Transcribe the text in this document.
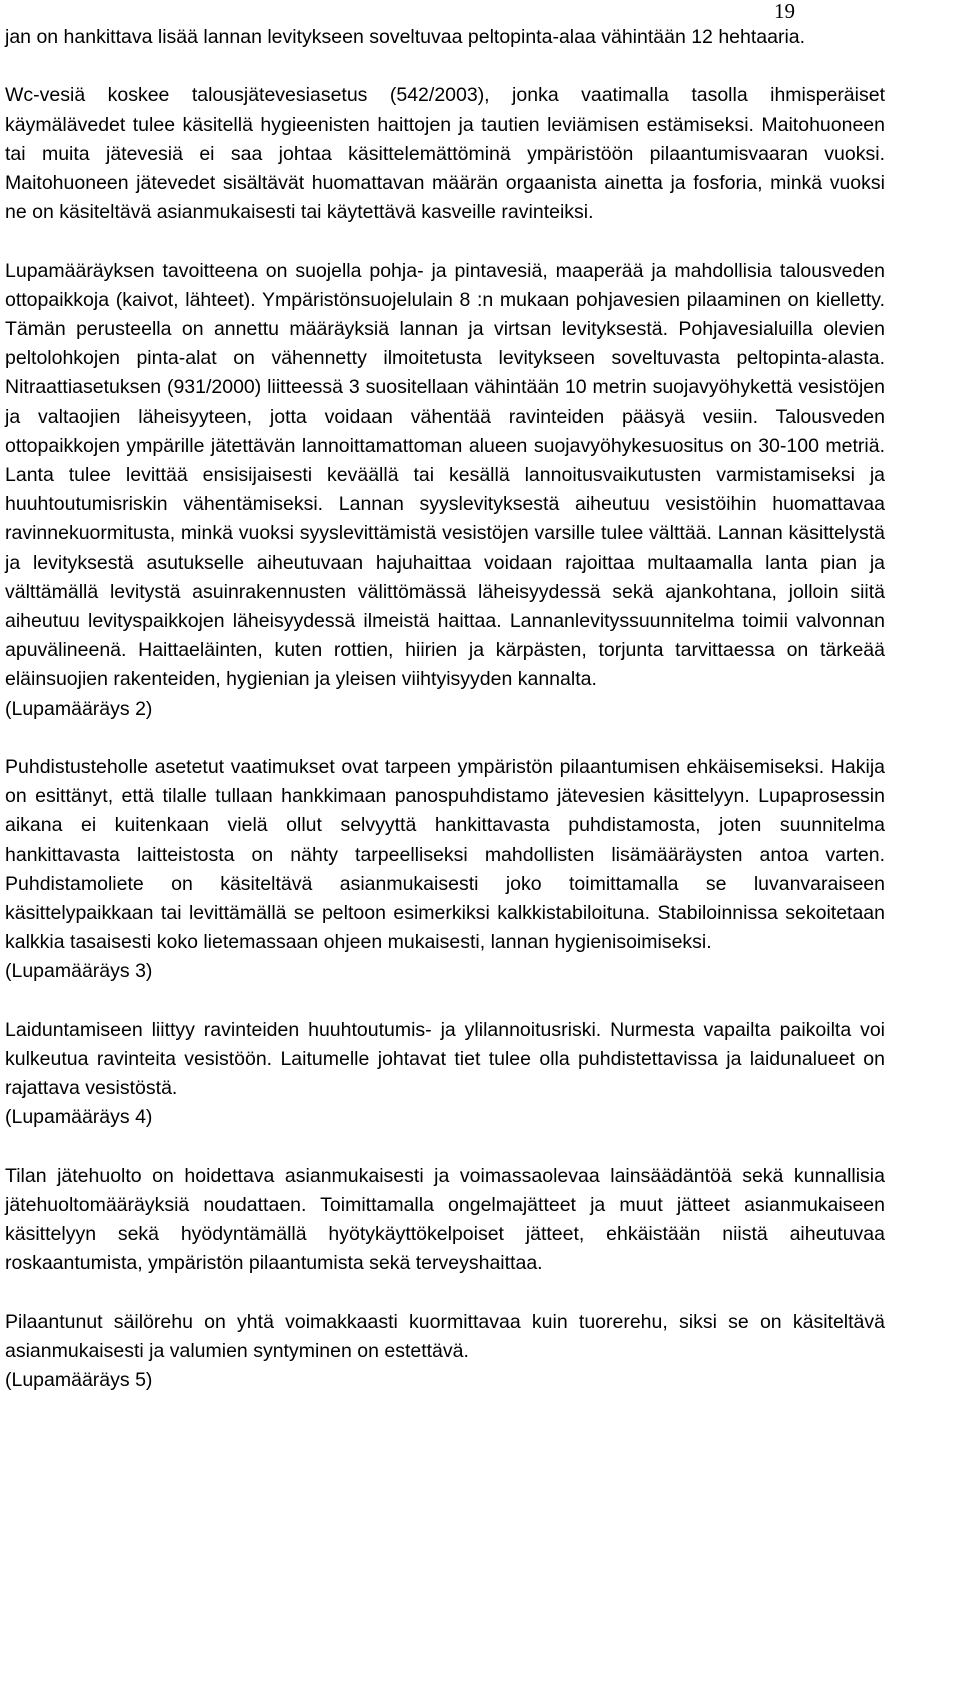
19

jan on hankittava lisää lannan levitykseen soveltuvaa peltopinta-alaa vähintään 12 hehtaaria.

Wc-vesiä koskee talousjätevesiasetus (542/2003), jonka vaatimalla tasolla ihmisperäiset käymälävedet tulee käsitellä hygieenisten haittojen ja tautien leviämisen estämiseksi. Maitohuoneen tai muita jätevesiä ei saa johtaa käsittelemättöminä ympäristöön pilaantumisvaaran vuoksi. Maitohuoneen jätevedet sisältävät huomattavan määrän orgaanista ainetta ja fosforia, minkä vuoksi ne on käsiteltävä asianmukaisesti tai käytettävä kasveille ravinteiksi.

Lupamääräyksen tavoitteena on suojella pohja- ja pintavesiä, maaperää ja mahdollisia talousveden ottopaikkoja (kaivot, lähteet). Ympäristönsuojelulain 8 :n mukaan pohjavesien pilaaminen on kielletty. Tämän perusteella on annettu määräyksiä lannan ja virtsan levityksestä. Pohjavesialuilla olevien peltolohkojen pinta-alat on vähennetty ilmoitetusta levitykseen soveltuvasta peltopinta-alasta. Nitraattiasetuksen (931/2000) liitteessä 3 suositellaan vähintään 10 metrin suojavyöhykettä vesistöjen ja valtaojien läheisyyteen, jotta voidaan vähentää ravinteiden pääsyä vesiin. Talousveden ottopaikkojen ympärille jätettävän lannoittamattoman alueen suojavyöhykesuositus on 30-100 metriä. Lanta tulee levittää ensisijaisesti keväällä tai kesällä lannoitusvaikutusten varmistamiseksi ja huuhtoutumisriskin vähentämiseksi. Lannan syyslevityksestä aiheutuu vesistöihin huomattavaa ravinnekuormitusta, minkä vuoksi syyslevittämistä vesistöjen varsille tulee välttää. Lannan käsittelystä ja levityksestä asutukselle aiheutuvaan hajuhaittaa voidaan rajoittaa multaamalla lanta pian ja välttämällä levitystä asuinrakennusten välittömässä läheisyydessä sekä ajankohtana, jolloin siitä aiheutuu levityspaikkojen läheisyydessä ilmeistä haittaa. Lannanlevityssuunnitelma toimii valvonnan apuvälineenä. Haittaeläinten, kuten rottien, hiirien ja kärpästen, torjunta tarvittaessa on tärkeää eläinsuojien rakenteiden, hygienian ja yleisen viihtyisyyden kannalta.

(Lupamääräys 2)

Puhdistusteholle asetetut vaatimukset ovat tarpeen ympäristön pilaantumisen ehkäisemiseksi. Hakija on esittänyt, että tilalle tullaan hankkimaan panospuhdistamo jätevesien käsittelyyn. Lupaprosessin aikana ei kuitenkaan vielä ollut selvyyttä hankittavasta puhdistamosta, joten suunnitelma hankittavasta laitteistosta on nähty tarpeelliseksi mahdollisten lisämääräysten antoa varten. Puhdistamoliete on käsiteltävä asianmukaisesti joko toimittamalla se luvanvaraiseen käsittelypaikkaan tai levittämällä se peltoon esimerkiksi kalkkistabiloituna. Stabiloinnissa sekoitetaan kalkkia tasaisesti koko lietemassaan ohjeen mukaisesti, lannan hygienisoimiseksi.

(Lupamääräys 3)

Laiduntamiseen liittyy ravinteiden huuhtoutumis- ja ylilannoitusriski. Nurmesta vapailta paikoilta voi kulkeutua ravinteita vesistöön. Laitumelle johtavat tiet tulee olla puhdistettavissa ja laidunalueet on rajattava vesistöstä.

(Lupamääräys 4)

Tilan jätehuolto on hoidettava asianmukaisesti ja voimassaolevaa lainsäädäntöä sekä kunnallisia jätehuoltomääräyksiä noudattaen. Toimittamalla ongelmajätteet ja muut jätteet asianmukaiseen käsittelyyn sekä hyödyntämällä hyötykäyttökelpoiset jätteet, ehkäistään niistä aiheutuvaa roskaantumista, ympäristön pilaantumista sekä terveyshaittaa.

Pilaantunut säilörehu on yhtä voimakkaasti kuormittavaa kuin tuorerehu, siksi se on käsiteltävä asianmukaisesti ja valumien syntyminen on estettävä.

(Lupamääräys 5)
